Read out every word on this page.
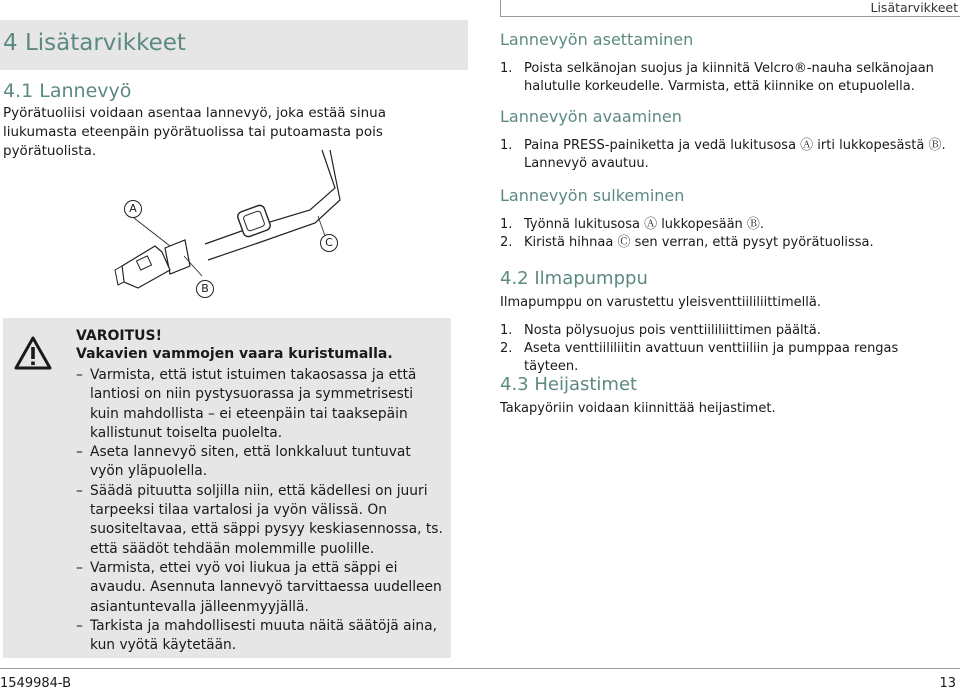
Lisätarvikkeet
4 Lisätarvikkeet
4.1 Lannevyö
Pyörätuoliisi voidaan asentaa lannevyö, joka estää sinua liukumasta eteenpäin pyörätuolissa tai putoamasta pois pyörätuolista.
A
B
C
VAROITUS!
Vakavien vammojen vaara kuristumalla.
– Varmista, että istut istuimen takaosassa ja että lantiosi on niin pystysuorassa ja symmetrisesti kuin mahdollista – ei eteenpäin tai taaksepäin kallistunut toiselta puolelta.
– Aseta lannevyö siten, että lonkkaluut tuntuvat vyön yläpuolella.
– Säädä pituutta soljilla niin, että kädellesi on juuri tarpeeksi tilaa vartalosi ja vyön välissä. On suositeltavaa, että säppi pysyy keskiasennossa, ts. että säädöt tehdään molemmille puolille.
– Varmista, ettei vyö voi liukua ja että säppi ei avaudu. Asennuta lannevyö tarvittaessa uudelleen asiantuntevalla jälleenmyyjällä.
– Tarkista ja mahdollisesti muuta näitä säätöjä aina, kun vyötä käytetään.
Lannevyön asettaminen
1. Poista selkänojan suojus ja kiinnitä Velcro®-nauha selkänojaan halutulle korkeudelle. Varmista, että kiinnike on etupuolella.
Lannevyön avaaminen
1. Paina PRESS-painiketta ja vedä lukitusosa Ⓐ irti lukkopesästä Ⓑ. Lannevyö avautuu.
Lannevyön sulkeminen
1. Työnnä lukitusosa Ⓐ lukkopesään Ⓑ.
2. Kiristä hihnaa Ⓒ sen verran, että pysyt pyörätuolissa.
4.2 Ilmapumppu
Ilmapumppu on varustettu yleisventtiililiittimellä.
1. Nosta pölysuojus pois venttiililiittimen päältä.
2. Aseta venttiililiitin avattuun venttiiliin ja pumppaa rengas täyteen.
4.3 Heijastimet
Takapyöriin voidaan kiinnittää heijastimet.
1549984-B	13
